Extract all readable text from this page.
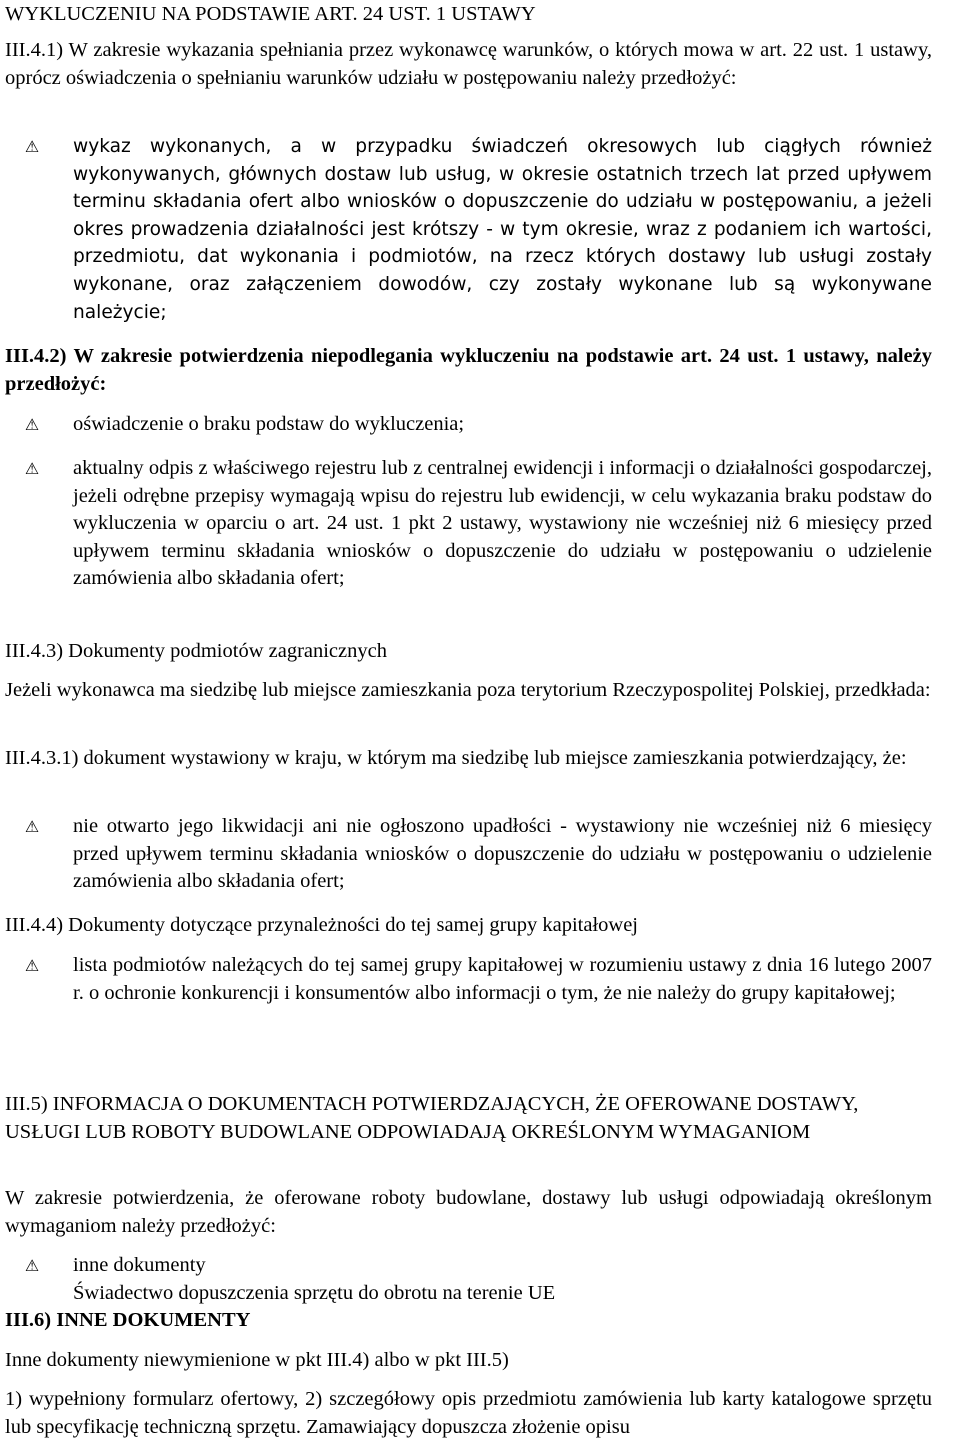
WYKLUCZENIU NA PODSTAWIE ART. 24 UST. 1 USTAWY

III.4.1) W zakresie wykazania spełniania przez wykonawcę warunków, o których mowa w art. 22 ust. 1 ustawy, oprócz oświadczenia o spełnianiu warunków udziału w postępowaniu należy przedłożyć:

⚠ wykaz wykonanych, a w przypadku świadczeń okresowych lub ciągłych również wykonywanych, głównych dostaw lub usług, w okresie ostatnich trzech lat przed upływem terminu składania ofert albo wniosków o dopuszczenie do udziału w postępowaniu, a jeżeli okres prowadzenia działalności jest krótszy - w tym okresie, wraz z podaniem ich wartości, przedmiotu, dat wykonania i podmiotów, na rzecz których dostawy lub usługi zostały wykonane, oraz załączeniem dowodów, czy zostały wykonane lub są wykonywane należycie;

III.4.2) W zakresie potwierdzenia niepodlegania wykluczeniu na podstawie art. 24 ust. 1 ustawy, należy przedłożyć:

⚠ oświadczenie o braku podstaw do wykluczenia;
⚠ aktualny odpis z właściwego rejestru lub z centralnej ewidencji i informacji o działalności gospodarczej, jeżeli odrębne przepisy wymagają wpisu do rejestru lub ewidencji, w celu wykazania braku podstaw do wykluczenia w oparciu o art. 24 ust. 1 pkt 2 ustawy, wystawiony nie wcześniej niż 6 miesięcy przed upływem terminu składania wniosków o dopuszczenie do udziału w postępowaniu o udzielenie zamówienia albo składania ofert;

III.4.3) Dokumenty podmiotów zagranicznych

Jeżeli wykonawca ma siedzibę lub miejsce zamieszkania poza terytorium Rzeczypospolitej Polskiej, przedkłada:

III.4.3.1) dokument wystawiony w kraju, w którym ma siedzibę lub miejsce zamieszkania potwierdzający, że:

⚠ nie otwarto jego likwidacji ani nie ogłoszono upadłości - wystawiony nie wcześniej niż 6 miesięcy przed upływem terminu składania wniosków o dopuszczenie do udziału w postępowaniu o udzielenie zamówienia albo składania ofert;

III.4.4) Dokumenty dotyczące przynależności do tej samej grupy kapitałowej

⚠ lista podmiotów należących do tej samej grupy kapitałowej w rozumieniu ustawy z dnia 16 lutego 2007 r. o ochronie konkurencji i konsumentów albo informacji o tym, że nie należy do grupy kapitałowej;

III.5) INFORMACJA O DOKUMENTACH POTWIERDZAJĄCYCH, ŻE OFEROWANE DOSTAWY, USŁUGI LUB ROBOTY BUDOWLANE ODPOWIADAJĄ OKREŚLONYM WYMAGANIOM

W zakresie potwierdzenia, że oferowane roboty budowlane, dostawy lub usługi odpowiadają określonym wymaganiom należy przedłożyć:

⚠ inne dokumenty
Świadectwo dopuszczenia sprzętu do obrotu na terenie UE

III.6) INNE DOKUMENTY

Inne dokumenty niewymienione w pkt III.4) albo w pkt III.5)

1) wypełniony formularz ofertowy, 2) szczegółowy opis przedmiotu zamówienia lub karty katalogowe sprzętu lub specyfikację techniczną sprzętu. Zamawiający dopuszcza złożenie opisu
